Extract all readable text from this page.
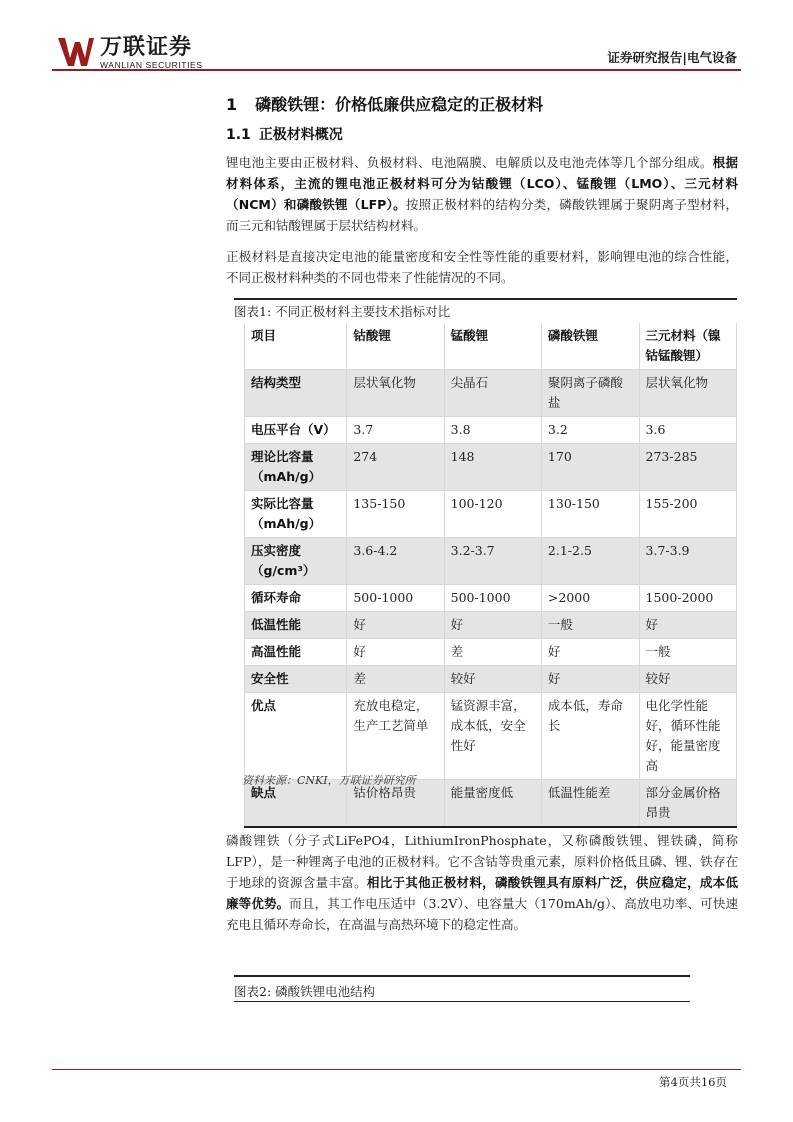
万联证券
WANLIAN SECURITIES	证券研究报告|电气设备
1 磷酸铁锂：价格低廉供应稳定的正极材料
1.1 正极材料概况

锂电池主要由正极材料、负极材料、电池隔膜、电解质以及电池壳体等几个部分组成。根据材料体系，主流的锂电池正极材料可分为钴酸锂（LCO）、锰酸锂（LMO）、三元材料（NCM）和磷酸铁锂（LFP）。按照正极材料的结构分类，磷酸铁锂属于聚阴离子型材料，而三元和钴酸锂属于层状结构材料。

正极材料是直接决定电池的能量密度和安全性等性能的重要材料，影响锂电池的综合性能，不同正极材料种类的不同也带来了性能情况的不同。

图表1: 不同正极材料主要技术指标对比
项目	钴酸锂	锰酸锂	磷酸铁锂	三元材料（镍钴锰酸锂）
结构类型	层状氧化物	尖晶石	聚阴离子磷酸盐	层状氧化物
电压平台（V）	3.7	3.8	3.2	3.6
理论比容量（mAh/g）	274	148	170	273-285
实际比容量（mAh/g）	135-150	100-120	130-150	155-200
压实密度（g/cm³）	3.6-4.2	3.2-3.7	2.1-2.5	3.7-3.9
循环寿命	500-1000	500-1000	>2000	1500-2000
低温性能	好	好	一般	好
高温性能	好	差	好	一般
安全性	差	较好	好	较好
优点	充放电稳定，生产工艺简单	锰资源丰富，成本低，安全性好	成本低，寿命长	电化学性能好，循环性能好，能量密度高
缺点	钴价格昂贵	能量密度低	低温性能差	部分金属价格昂贵
资料来源：CNKI，万联证券研究所

磷酸锂铁（分子式LiFePO4，LithiumIronPhosphate，又称磷酸铁锂、锂铁磷，简称LFP），是一种锂离子电池的正极材料。它不含钴等贵重元素，原料价格低且磷、锂、铁存在于地球的资源含量丰富。相比于其他正极材料，磷酸铁锂具有原料广泛，供应稳定，成本低廉等优势。而且，其工作电压适中（3.2V）、电容量大（170mAh/g）、高放电功率、可快速充电且循环寿命长，在高温与高热环境下的稳定性高。

图表2: 磷酸铁锂电池结构
第4页共16页
